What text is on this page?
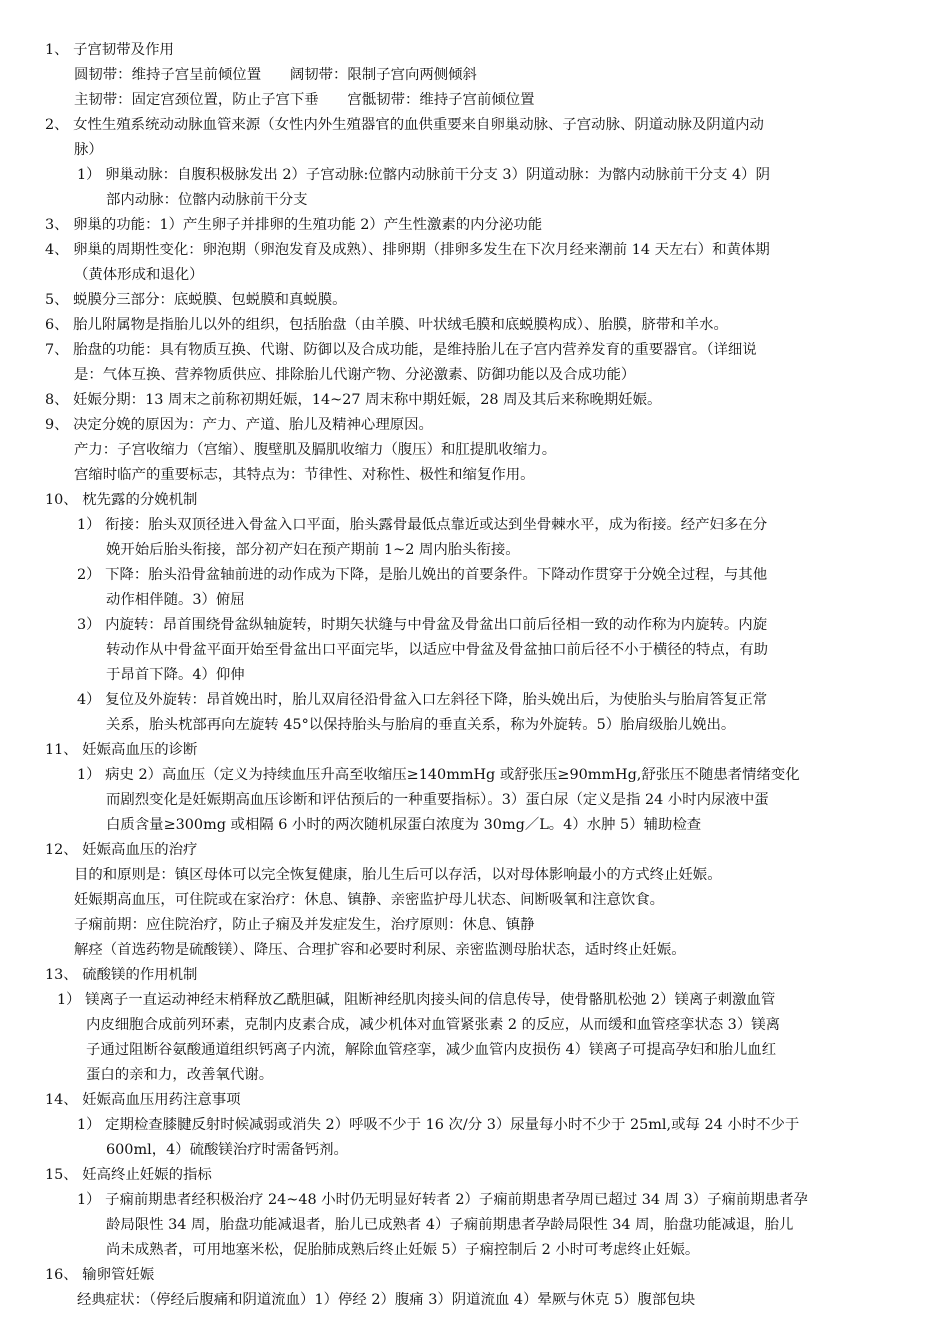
1、 子宫韧带及作用
圆韧带：维持子宫呈前倾位置　　阔韧带：限制子宫向两侧倾斜
主韧带：固定宫颈位置，防止子宫下垂　　宫骶韧带：维持子宫前倾位置
2、 女性生殖系统动动脉血管来源（女性内外生殖器官的血供重要来自卵巢动脉、子宫动脉、阴道动脉及阴道内动
脉）
1） 卵巢动脉：自腹积极脉发出 2）子宫动脉:位髂内动脉前干分支 3）阴道动脉：为髂内动脉前干分支 4）阴
部内动脉：位髂内动脉前干分支
3、 卵巢的功能：1）产生卵子并排卵的生殖功能 2）产生性激素的内分泌功能
4、 卵巢的周期性变化：卵泡期（卵泡发育及成熟）、排卵期（排卵多发生在下次月经来潮前 14 天左右）和黄体期
（黄体形成和退化）
5、 蜕膜分三部分：底蜕膜、包蜕膜和真蜕膜。
6、 胎儿附属物是指胎儿以外的组织，包括胎盘（由羊膜、叶状绒毛膜和底蜕膜构成）、胎膜，脐带和羊水。
7、 胎盘的功能：具有物质互换、代谢、防御以及合成功能，是维持胎儿在子宫内营养发育的重要器官。（详细说
是：气体互换、营养物质供应、排除胎儿代谢产物、分泌激素、防御功能以及合成功能）
8、 妊娠分期：13 周末之前称初期妊娠，14~27 周末称中期妊娠，28 周及其后来称晚期妊娠。
9、 决定分娩的原因为：产力、产道、胎儿及精神心理原因。
产力：子宫收缩力（宫缩）、腹壁肌及膈肌收缩力（腹压）和肛提肌收缩力。
宫缩时临产的重要标志，其特点为：节律性、对称性、极性和缩复作用。
10、 枕先露的分娩机制
1） 衔接：胎头双顶径进入骨盆入口平面，胎头露骨最低点靠近或达到坐骨棘水平，成为衔接。经产妇多在分
娩开始后胎头衔接，部分初产妇在预产期前 1~2 周内胎头衔接。
2） 下降：胎头沿骨盆轴前进的动作成为下降，是胎儿娩出的首要条件。下降动作贯穿于分娩全过程，与其他
动作相伴随。3）俯屈
3） 内旋转：昂首围绕骨盆纵轴旋转，时期矢状缝与中骨盆及骨盆出口前后径相一致的动作称为内旋转。内旋
转动作从中骨盆平面开始至骨盆出口平面完毕，以适应中骨盆及骨盆抽口前后径不小于横径的特点，有助
于昂首下降。4）仰伸
4） 复位及外旋转：昂首娩出时，胎儿双肩径沿骨盆入口左斜径下降，胎头娩出后，为使胎头与胎肩答复正常
关系，胎头枕部再向左旋转 45°以保持胎头与胎肩的垂直关系，称为外旋转。5）胎肩级胎儿娩出。
11、 妊娠高血压的诊断
1） 病史 2）高血压（定义为持续血压升高至收缩压≥140mmHg 或舒张压≥90mmHg,舒张压不随患者情绪变化
而剧烈变化是妊娠期高血压诊断和评估预后的一种重要指标）。3）蛋白尿（定义是指 24 小时内尿液中蛋
白质含量≥300mg 或相隔 6 小时的两次随机尿蛋白浓度为 30mg／L。4）水肿 5）辅助检查
12、 妊娠高血压的治疗
目的和原则是：镇区母体可以完全恢复健康，胎儿生后可以存活，以对母体影响最小的方式终止妊娠。
妊娠期高血压，可住院或在家治疗：休息、镇静、亲密监护母儿状态、间断吸氧和注意饮食。
子痫前期：应住院治疗，防止子痫及并发症发生，治疗原则：休息、镇静
解痉（首选药物是硫酸镁）、降压、合理扩容和必要时利尿、亲密监测母胎状态，适时终止妊娠。
13、 硫酸镁的作用机制
1） 镁离子一直运动神经末梢释放乙酰胆碱，阻断神经肌肉接头间的信息传导，使骨骼肌松弛 2）镁离子刺激血管
内皮细胞合成前列环素，克制内皮素合成，减少机体对血管紧张素 2 的反应，从而缓和血管痉挛状态 3）镁离
子通过阻断谷氨酸通道组织钙离子内流，解除血管痉挛，减少血管内皮损伤 4）镁离子可提高孕妇和胎儿血红
蛋白的亲和力，改善氧代谢。
14、 妊娠高血压用药注意事项
1） 定期检查膝腱反射时候减弱或消失 2）呼吸不少于 16 次/分 3）尿量每小时不少于 25ml,或每 24 小时不少于
600ml，4）硫酸镁治疗时需备钙剂。
15、 妊高终止妊娠的指标
1） 子痫前期患者经积极治疗 24~48 小时仍无明显好转者 2）子痫前期患者孕周已超过 34 周 3）子痫前期患者孕
龄局限性 34 周，胎盘功能减退者，胎儿已成熟者 4）子痫前期患者孕龄局限性 34 周，胎盘功能减退，胎儿
尚未成熟者，可用地塞米松，促胎肺成熟后终止妊娠 5）子痫控制后 2 小时可考虑终止妊娠。
16、 输卵管妊娠
经典症状：（停经后腹痛和阴道流血）1）停经 2）腹痛 3）阴道流血 4）晕厥与休克 5）腹部包块
